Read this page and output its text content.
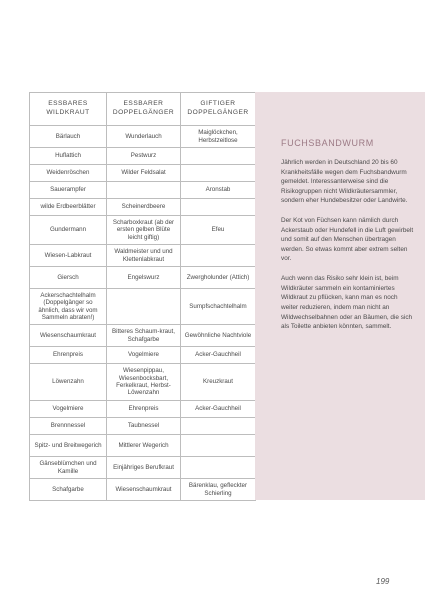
ESSBARES WILDKRAUT	ESSBARER DOPPELGÄNGER	GIFTIGER DOPPELGÄNGER
Bärlauch	Wunderlauch	Maiglöckchen, Herbstzeitlose
Huflattich	Pestwurz	
Weidenröschen	Wilder Feldsalat	
Sauerampfer		Aronstab
wilde Erdbeerblätter	Scheinerdbeere	
Gundermann	Scharboxkraut (ab der ersten gelben Blüte leicht giftig)	Efeu
Wiesen-Labkraut	Waldmeister und und Klettenlabkraut	
Giersch	Engelswurz	Zwergholunder (Attich)
Ackerschachtelhalm (Doppelgänger so ähnlich, dass wir vom Sammeln abraten!)		Sumpfschachtelhalm
Wiesenschaumkraut	Bitteres Schaum-kraut, Schafgarbe	Gewöhnliche Nachtviole
Ehrenpreis	Vogelmiere	Acker-Gauchheil
Löwenzahn	Wiesenpippau, Wiesenbocksbart, Ferkelkraut, Herbst-Löwenzahn	Kreuzkraut
Vogelmiere	Ehrenpreis	Acker-Gauchheil
Brennnessel	Taubnessel	
Spitz- und Breitwegerich	Mittlerer Wegerich	
Gänseblümchen und Kamille	Einjähriges Berufkraut	
Schafgarbe	Wiesenschaumkraut	Bärenklau, gefleckter Schierling
FUCHSBANDWURM

Jährlich werden in Deutschland 20 bis 60 Krankheitsfälle wegen dem Fuchsbandwurm gemeldet. Interessanterweise sind die Risikogruppen nicht Wildkräutersammler, sondern eher Hundebesitzer oder Landwirte.

Der Kot von Füchsen kann nämlich durch Ackerstaub oder Hundefell in die Luft gewirbelt und somit auf den Menschen übertragen werden. So etwas kommt aber extrem selten vor.

Auch wenn das Risiko sehr klein ist, beim Wildkräuter sammeln ein kontaminiertes Wildkraut zu pflücken, kann man es noch weiter reduzieren, indem man nicht an Wildwechselbahnen oder an Bäumen, die sich als Toilette anbieten könnten, sammelt.

199
